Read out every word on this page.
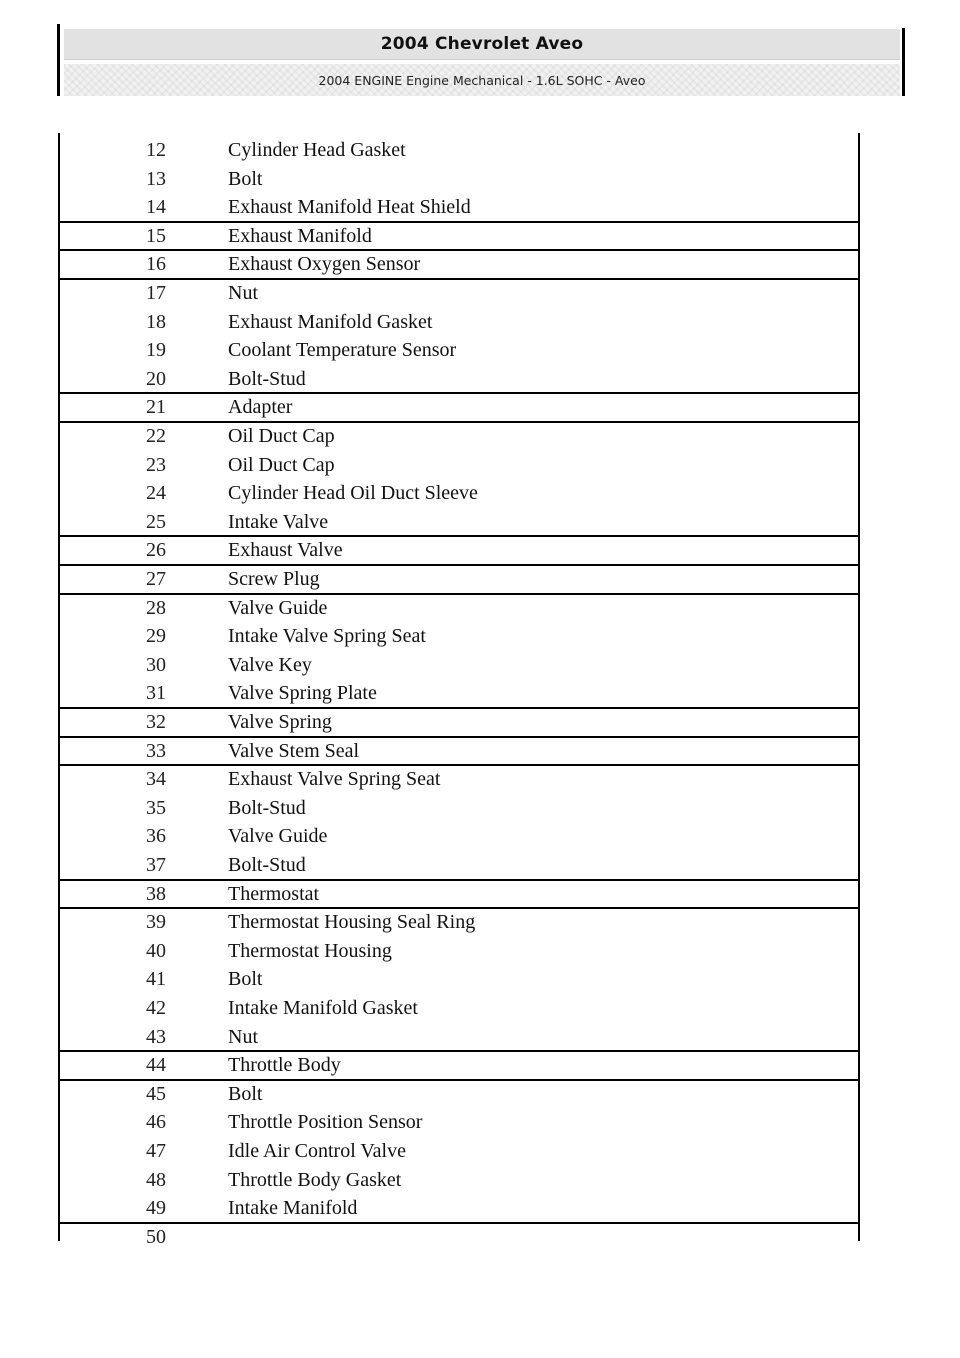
2004 Chevrolet Aveo
2004 ENGINE Engine Mechanical - 1.6L SOHC - Aveo
12	Cylinder Head Gasket
13	Bolt
14	Exhaust Manifold Heat Shield
15	Exhaust Manifold
16	Exhaust Oxygen Sensor
17	Nut
18	Exhaust Manifold Gasket
19	Coolant Temperature Sensor
20	Bolt-Stud
21	Adapter
22	Oil Duct Cap
23	Oil Duct Cap
24	Cylinder Head Oil Duct Sleeve
25	Intake Valve
26	Exhaust Valve
27	Screw Plug
28	Valve Guide
29	Intake Valve Spring Seat
30	Valve Key
31	Valve Spring Plate
32	Valve Spring
33	Valve Stem Seal
34	Exhaust Valve Spring Seat
35	Bolt-Stud
36	Valve Guide
37	Bolt-Stud
38	Thermostat
39	Thermostat Housing Seal Ring
40	Thermostat Housing
41	Bolt
42	Intake Manifold Gasket
43	Nut
44	Throttle Body
45	Bolt
46	Throttle Position Sensor
47	Idle Air Control Valve
48	Throttle Body Gasket
49	Intake Manifold
50
